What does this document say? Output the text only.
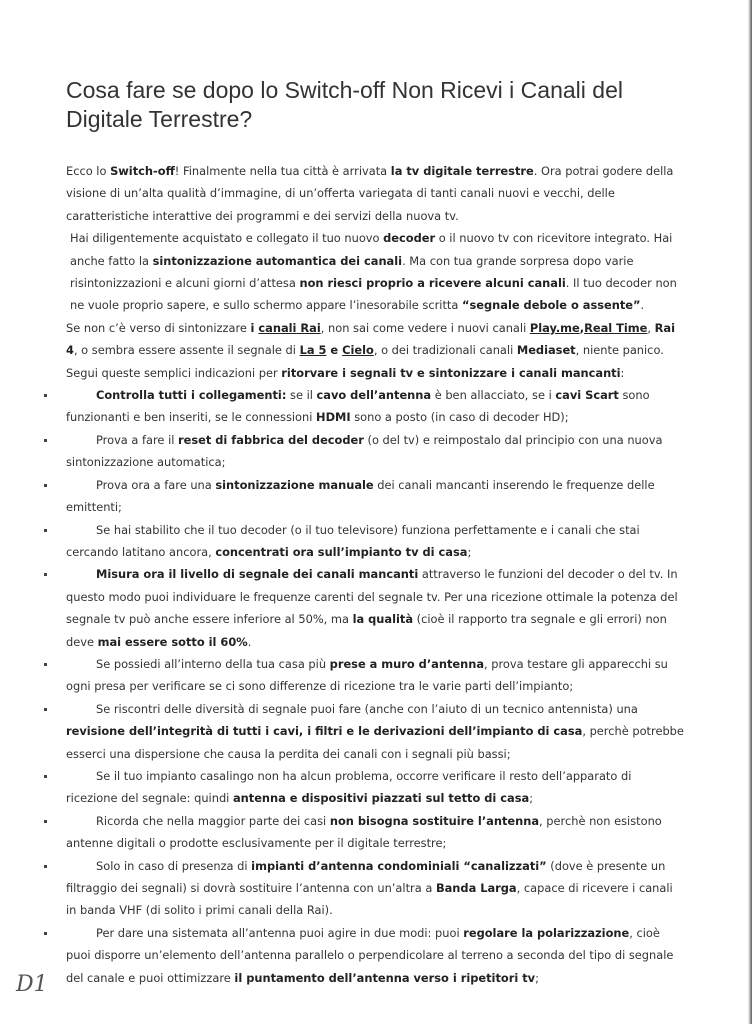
Cosa fare se dopo lo Switch-off Non Ricevi i Canali del Digitale Terrestre?

Ecco lo Switch-off! Finalmente nella tua città è arrivata la tv digitale terrestre. Ora potrai godere della visione di un’alta qualità d’immagine, di un’offerta variegata di tanti canali nuovi e vecchi, delle caratteristiche interattive dei programmi e dei servizi della nuova tv.

Hai diligentemente acquistato e collegato il tuo nuovo decoder o il nuovo tv con ricevitore integrato. Hai anche fatto la sintonizzazione automantica dei canali. Ma con tua grande sorpresa dopo varie risintonizzazioni e alcuni giorni d’attesa non riesci proprio a ricevere alcuni canali. Il tuo decoder non ne vuole proprio sapere, e sullo schermo appare l’inesorabile scritta “segnale debole o assente”.

Se non c’è verso di sintonizzare i canali Rai, non sai come vedere i nuovi canali Play.me,Real Time, Rai 4, o sembra essere assente il segnale di La 5 e Cielo, o dei tradizionali canali Mediaset, niente panico. Segui queste semplici indicazioni per ritorvare i segnali tv e sintonizzare i canali mancanti:

Controlla tutti i collegamenti: se il cavo dell’antenna è ben allacciato, se i cavi Scart sono funzionanti e ben inseriti, se le connessioni HDMI sono a posto (in caso di decoder HD);
Prova a fare il reset di fabbrica del decoder (o del tv) e reimpostalo dal principio con una nuova sintonizzazione automatica;
Prova ora a fare una sintonizzazione manuale dei canali mancanti inserendo le frequenze delle emittenti;
Se hai stabilito che il tuo decoder (o il tuo televisore) funziona perfettamente e i canali che stai cercando latitano ancora, concentrati ora sull’impianto tv di casa;
Misura ora il livello di segnale dei canali mancanti attraverso le funzioni del decoder o del tv. In questo modo puoi individuare le frequenze carenti del segnale tv. Per una ricezione ottimale la potenza del segnale tv può anche essere inferiore al 50%, ma la qualità (cioè il rapporto tra segnale e gli errori) non deve mai essere sotto il 60%.
Se possiedi all’interno della tua casa più prese a muro d’antenna, prova testare gli apparecchi su ogni presa per verificare se ci sono differenze di ricezione tra le varie parti dell’impianto;
Se riscontri delle diversità di segnale puoi fare (anche con l’aiuto di un tecnico antennista) una revisione dell’integrità di tutti i cavi, i filtri e le derivazioni dell’impianto di casa, perchè potrebbe esserci una dispersione che causa la perdita dei canali con i segnali più bassi;
Se il tuo impianto casalingo non ha alcun problema, occorre verificare il resto dell’apparato di ricezione del segnale: quindi antenna e dispositivi piazzati sul tetto di casa;
Ricorda che nella maggior parte dei casi non bisogna sostituire l’antenna, perchè non esistono antenne digitali o prodotte esclusivamente per il digitale terrestre;
Solo in caso di presenza di impianti d’antenna condominiali “canalizzati” (dove è presente un filtraggio dei segnali) si dovrà sostituire l’antenna con un’altra a Banda Larga, capace di ricevere i canali in banda VHF (di solito i primi canali della Rai).
Per dare una sistemata all’antenna puoi agire in due modi: puoi regolare la polarizzazione, cioè puoi disporre un’elemento dell’antenna parallelo o perpendicolare al terreno a seconda del tipo di segnale del canale e puoi ottimizzare il puntamento dell’antenna verso i ripetitori tv;
D1
